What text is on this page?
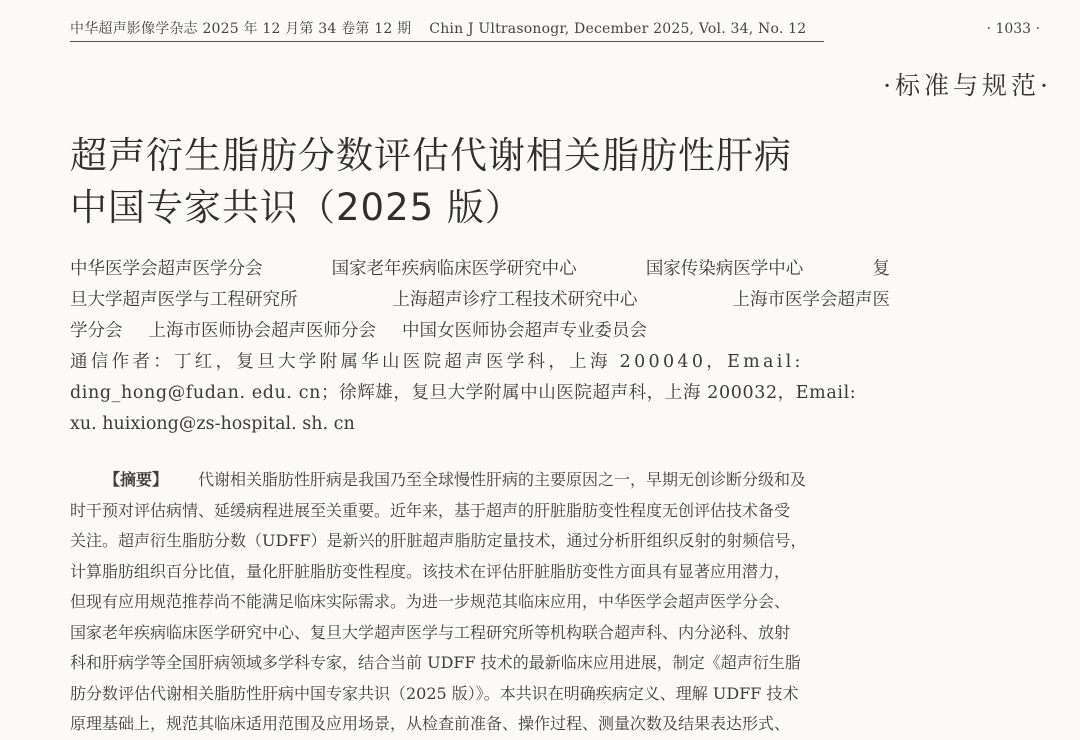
中华超声影像学杂志 2025 年 12 月第 34 卷第 12 期 Chin J Ultrasonogr, December 2025, Vol. 34, No. 12	· 1033 ·
·标准与规范·
超声衍生脂肪分数评估代谢相关脂肪性肝病
中国专家共识（2025 版）
中华医学会超声医学分会	国家老年疾病临床医学研究中心	国家传染病医学中心	复
旦大学超声医学与工程研究所	上海超声诊疗工程技术研究中心	上海市医学会超声医
学分会 上海市医师协会超声医师分会 中国女医师协会超声专业委员会
通信作者：丁红，复旦大学附属华山医院超声医学科，上海 200040，Email:
ding_hong@fudan. edu. cn；徐辉雄，复旦大学附属中山医院超声科，上海 200032，Email:
xu. huixiong@zs-hospital. sh. cn
【摘要】 代谢相关脂肪性肝病是我国乃至全球慢性肝病的主要原因之一，早期无创诊断分级和及
时干预对评估病情、延缓病程进展至关重要。近年来，基于超声的肝脏脂肪变性程度无创评估技术备受
关注。超声衍生脂肪分数（UDFF）是新兴的肝脏超声脂肪定量技术，通过分析肝组织反射的射频信号，
计算脂肪组织百分比值，量化肝脏脂肪变性程度。该技术在评估肝脏脂肪变性方面具有显著应用潜力，
但现有应用规范推荐尚不能满足临床实际需求。为进一步规范其临床应用，中华医学会超声医学分会、
国家老年疾病临床医学研究中心、复旦大学超声医学与工程研究所等机构联合超声科、内分泌科、放射
科和肝病学等全国肝病领域多学科专家，结合当前 UDFF 技术的最新临床应用进展，制定《超声衍生脂
肪分数评估代谢相关脂肪性肝病中国专家共识（2025 版）》。本共识在明确疾病定义、理解 UDFF 技术
原理基础上，规范其临床适用范围及应用场景，从检查前准备、操作过程、测量次数及结果表达形式、
